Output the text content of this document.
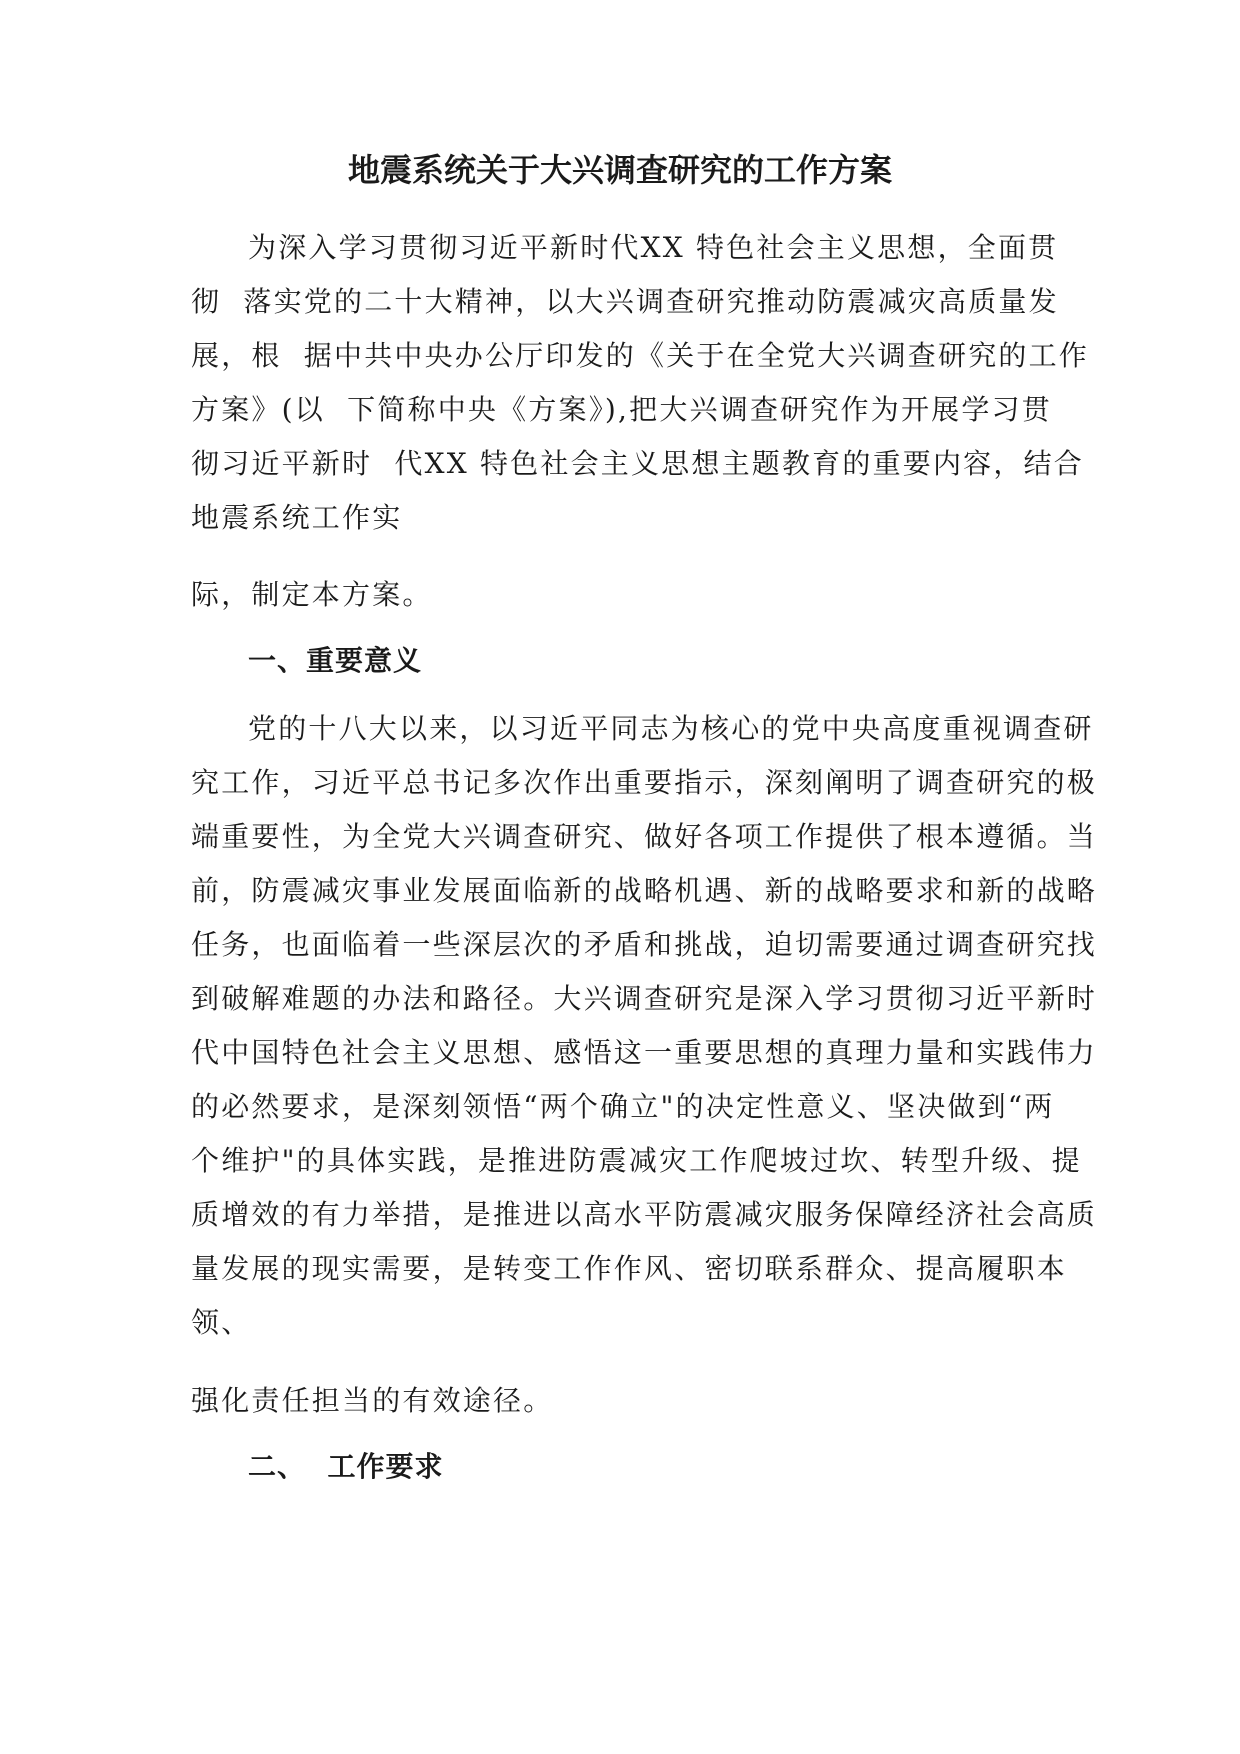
地震系统关于大兴调查研究的工作方案
为深入学习贯彻习近平新时代XX 特色社会主义思想，全面贯
彻  落实党的二十大精神，以大兴调查研究推动防震减灾高质量发
展，根  据中共中央办公厅印发的《关于在全党大兴调查研究的工作
方案》(以  下简称中央《方案》),把大兴调查研究作为开展学习贯
彻习近平新时  代XX 特色社会主义思想主题教育的重要内容，结合
地震系统工作实
际，制定本方案。
一、重要意义
党的十八大以来，以习近平同志为核心的党中央高度重视调查研
究工作，习近平总书记多次作出重要指示，深刻阐明了调查研究的极
端重要性，为全党大兴调查研究、做好各项工作提供了根本遵循。当
前，防震减灾事业发展面临新的战略机遇、新的战略要求和新的战略
任务，也面临着一些深层次的矛盾和挑战，迫切需要通过调查研究找
到破解难题的办法和路径。大兴调查研究是深入学习贯彻习近平新时
代中国特色社会主义思想、感悟这一重要思想的真理力量和实践伟力
的必然要求，是深刻领悟“两个确立"的决定性意义、坚决做到“两
个维护"的具体实践，是推进防震减灾工作爬坡过坎、转型升级、提
质增效的有力举措，是推进以高水平防震减灾服务保障经济社会高质
量发展的现实需要，是转变工作作风、密切联系群众、提高履职本
领、
强化责任担当的有效途径。
二、  工作要求
